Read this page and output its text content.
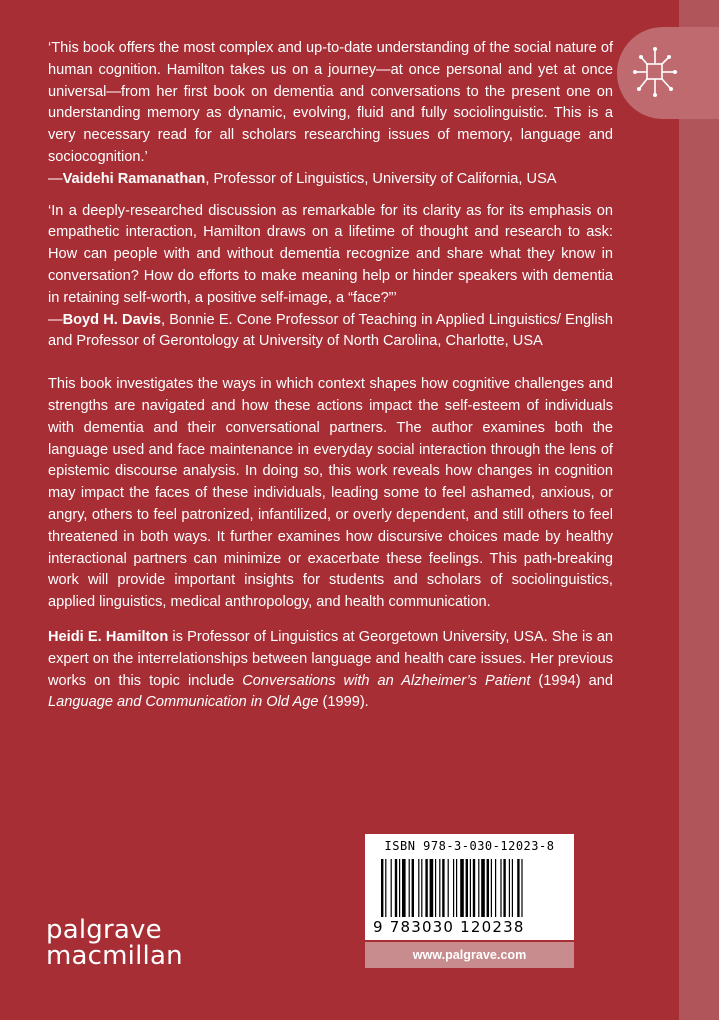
‘This book offers the most complex and up-to-date understanding of the social nature of human cognition. Hamilton takes us on a journey—at once personal and yet at once universal—from her first book on dementia and conversations to the present one on understanding memory as dynamic, evolving, fluid and fully sociolinguistic. This is a very necessary read for all scholars researching issues of memory, language and sociocognition.’
—Vaidehi Ramanathan, Professor of Linguistics, University of California, USA
‘In a deeply-researched discussion as remarkable for its clarity as for its emphasis on empathetic interaction, Hamilton draws on a lifetime of thought and research to ask: How can people with and without dementia recognize and share what they know in conversation? How do efforts to make meaning help or hinder speakers with dementia in retaining self-worth, a positive self-image, a “face?”’
—Boyd H. Davis, Bonnie E. Cone Professor of Teaching in Applied Linguistics/ English and Professor of Gerontology at University of North Carolina, Charlotte, USA

This book investigates the ways in which context shapes how cognitive challenges and strengths are navigated and how these actions impact the self-esteem of individuals with dementia and their conversational partners. The author examines both the language used and face maintenance in everyday social interaction through the lens of epistemic discourse analysis. In doing so, this work reveals how changes in cognition may impact the faces of these individuals, leading some to feel ashamed, anxious, or angry, others to feel patronized, infantilized, or overly dependent, and still others to feel threatened in both ways. It further examines how discursive choices made by healthy interactional partners can minimize or exacerbate these feelings. This path-breaking work will provide important insights for students and scholars of sociolinguistics, applied linguistics, medical anthropology, and health communication.

Heidi E. Hamilton is Professor of Linguistics at Georgetown University, USA. She is an expert on the interrelationships between language and health care issues. Her previous works on this topic include Conversations with an Alzheimer’s Patient (1994) and Language and Communication in Old Age (1999).

ISBN 978-3-030-12023-8
9 783030 120238
www.palgrave.com
palgrave
macmillan
